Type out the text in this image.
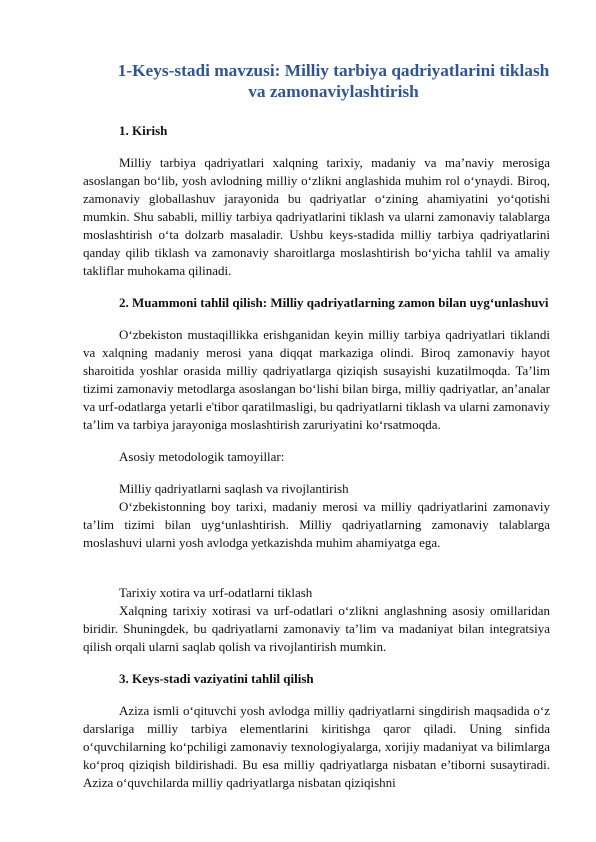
1-Keys-stadi mavzusi: Milliy tarbiya qadriyatlarini tiklash
va zamonaviylashtirish
1. Kirish

Milliy tarbiya qadriyatlari xalqning tarixiy, madaniy va ma’naviy merosiga asoslangan bo‘lib, yosh avlodning milliy o‘zlikni anglashida muhim rol o‘ynaydi. Biroq, zamonaviy globallashuv jarayonida bu qadriyatlar o‘zining ahamiyatini yo‘qotishi mumkin. Shu sababli, milliy tarbiya qadriyatlarini tiklash va ularni zamonaviy talablarga moslashtirish o‘ta dolzarb masaladir. Ushbu keys-stadida milliy tarbiya qadriyatlarini qanday qilib tiklash va zamonaviy sharoitlarga moslashtirish bo‘yicha tahlil va amaliy takliflar muhokama qilinadi.

2. Muammoni tahlil qilish: Milliy qadriyatlarning zamon bilan uyg‘unlashuvi

O‘zbekiston mustaqillikka erishganidan keyin milliy tarbiya qadriyatlari tiklandi va xalqning madaniy merosi yana diqqat markaziga olindi. Biroq zamonaviy hayot sharoitida yoshlar orasida milliy qadriyatlarga qiziqish susayishi kuzatilmoqda. Ta’lim tizimi zamonaviy metodlarga asoslangan bo‘lishi bilan birga, milliy qadriyatlar, an’analar va urf-odatlarga yetarli e'tibor qaratilmasligi, bu qadriyatlarni tiklash va ularni zamonaviy ta’lim va tarbiya jarayoniga moslashtirish zaruriyatini ko‘rsatmoqda.

Asosiy metodologik tamoyillar:

Milliy qadriyatlarni saqlash va rivojlantirish

O‘zbekistonning boy tarixi, madaniy merosi va milliy qadriyatlarini zamonaviy ta’lim tizimi bilan uyg‘unlashtirish. Milliy qadriyatlarning zamonaviy talablarga moslashuvi ularni yosh avlodga yetkazishda muhim ahamiyatga ega.

Tarixiy xotira va urf-odatlarni tiklash

Xalqning tarixiy xotirasi va urf-odatlari o‘zlikni anglashning asosiy omillaridan biridir. Shuningdek, bu qadriyatlarni zamonaviy ta’lim va madaniyat bilan integratsiya qilish orqali ularni saqlab qolish va rivojlantirish mumkin.

3. Keys-stadi vaziyatini tahlil qilish

Aziza ismli o‘qituvchi yosh avlodga milliy qadriyatlarni singdirish maqsadida o‘z darslariga milliy tarbiya elementlarini kiritishga qaror qiladi. Uning sinfida o‘quvchilarning ko‘pchiligi zamonaviy texnologiyalarga, xorijiy madaniyat va bilimlarga ko‘proq qiziqish bildirishadi. Bu esa milliy qadriyatlarga nisbatan e’tiborni susaytiradi. Aziza o‘quvchilarda milliy qadriyatlarga nisbatan qiziqishni
